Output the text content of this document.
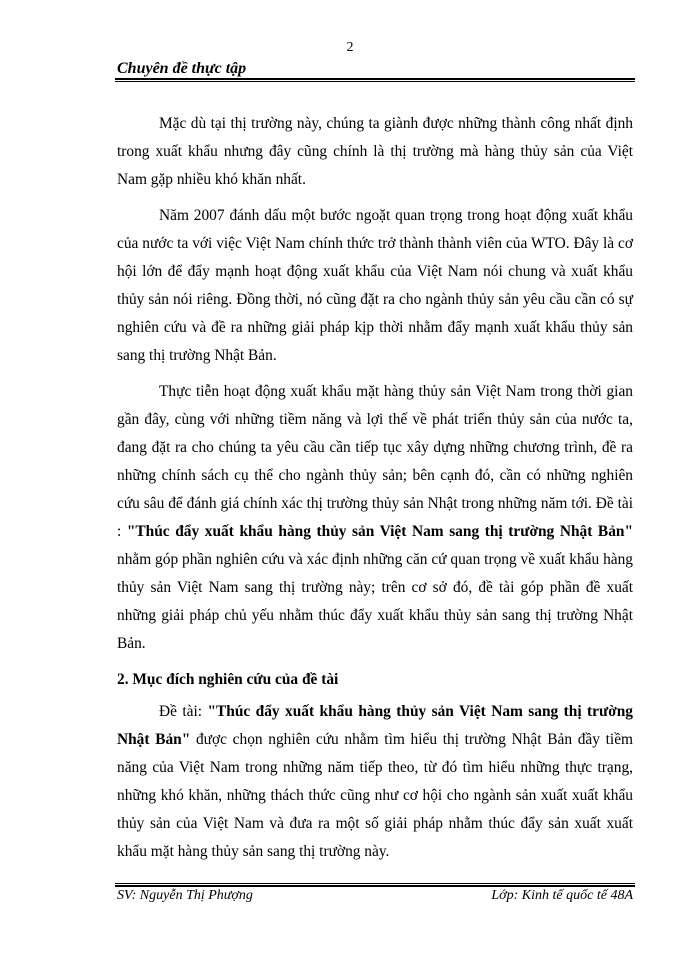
2
Chuyên đề thực tập

Mặc dù tại thị trường này, chúng ta giành được những thành công nhất định trong xuất khẩu nhưng đây cũng chính là thị trường mà hàng thủy sản của Việt Nam gặp nhiều khó khăn nhất.

Năm 2007 đánh dấu một bước ngoặt quan trọng trong hoạt động xuất khẩu của nước ta với việc Việt Nam chính thức trở thành thành viên của WTO. Đây là cơ hội lớn để đẩy mạnh hoạt động xuất khẩu của Việt Nam nói chung và xuất khẩu thủy sản nói riêng. Đồng thời, nó cũng đặt ra cho ngành thủy sản yêu cầu cần có sự nghiên cứu và đề ra những giải pháp kịp thời nhằm đẩy mạnh xuất khẩu thủy sản sang thị trường Nhật Bản.

Thực tiễn hoạt động xuất khẩu mặt hàng thủy sản Việt Nam trong thời gian gần đây, cùng với những tiềm năng và lợi thế về phát triển thủy sản của nước ta, đang đặt ra cho chúng ta yêu cầu cần tiếp tục xây dựng những chương trình, đề ra những chính sách cụ thể cho ngành thủy sản; bên cạnh đó, cần có những nghiên cứu sâu để đánh giá chính xác thị trường thủy sản Nhật trong những năm tới. Đề tài : "Thúc đẩy xuất khẩu hàng thủy sản Việt Nam sang thị trường Nhật Bản" nhằm góp phần nghiên cứu và xác định những căn cứ quan trọng về xuất khẩu hàng thủy sản Việt Nam sang thị trường này; trên cơ sở đó, đề tài góp phần đề xuất những giải pháp chủ yếu nhằm thúc đẩy xuất khẩu thủy sản sang thị trường Nhật Bản.

2. Mục đích nghiên cứu của đề tài

Đề tài: "Thúc đẩy xuất khẩu hàng thủy sản Việt Nam sang thị trường Nhật Bản" được chọn nghiên cứu nhằm tìm hiểu thị trường Nhật Bản đầy tiềm năng của Việt Nam trong những năm tiếp theo, từ đó tìm hiểu những thực trạng, những khó khăn, những thách thức cũng như cơ hội cho ngành sản xuất xuất khẩu thủy sản của Việt Nam và đưa ra một số giải pháp nhằm thúc đẩy sản xuất xuất khẩu mặt hàng thủy sản sang thị trường này.

SV: Nguyễn Thị Phượng	Lớp: Kinh tế quốc tế 48A
